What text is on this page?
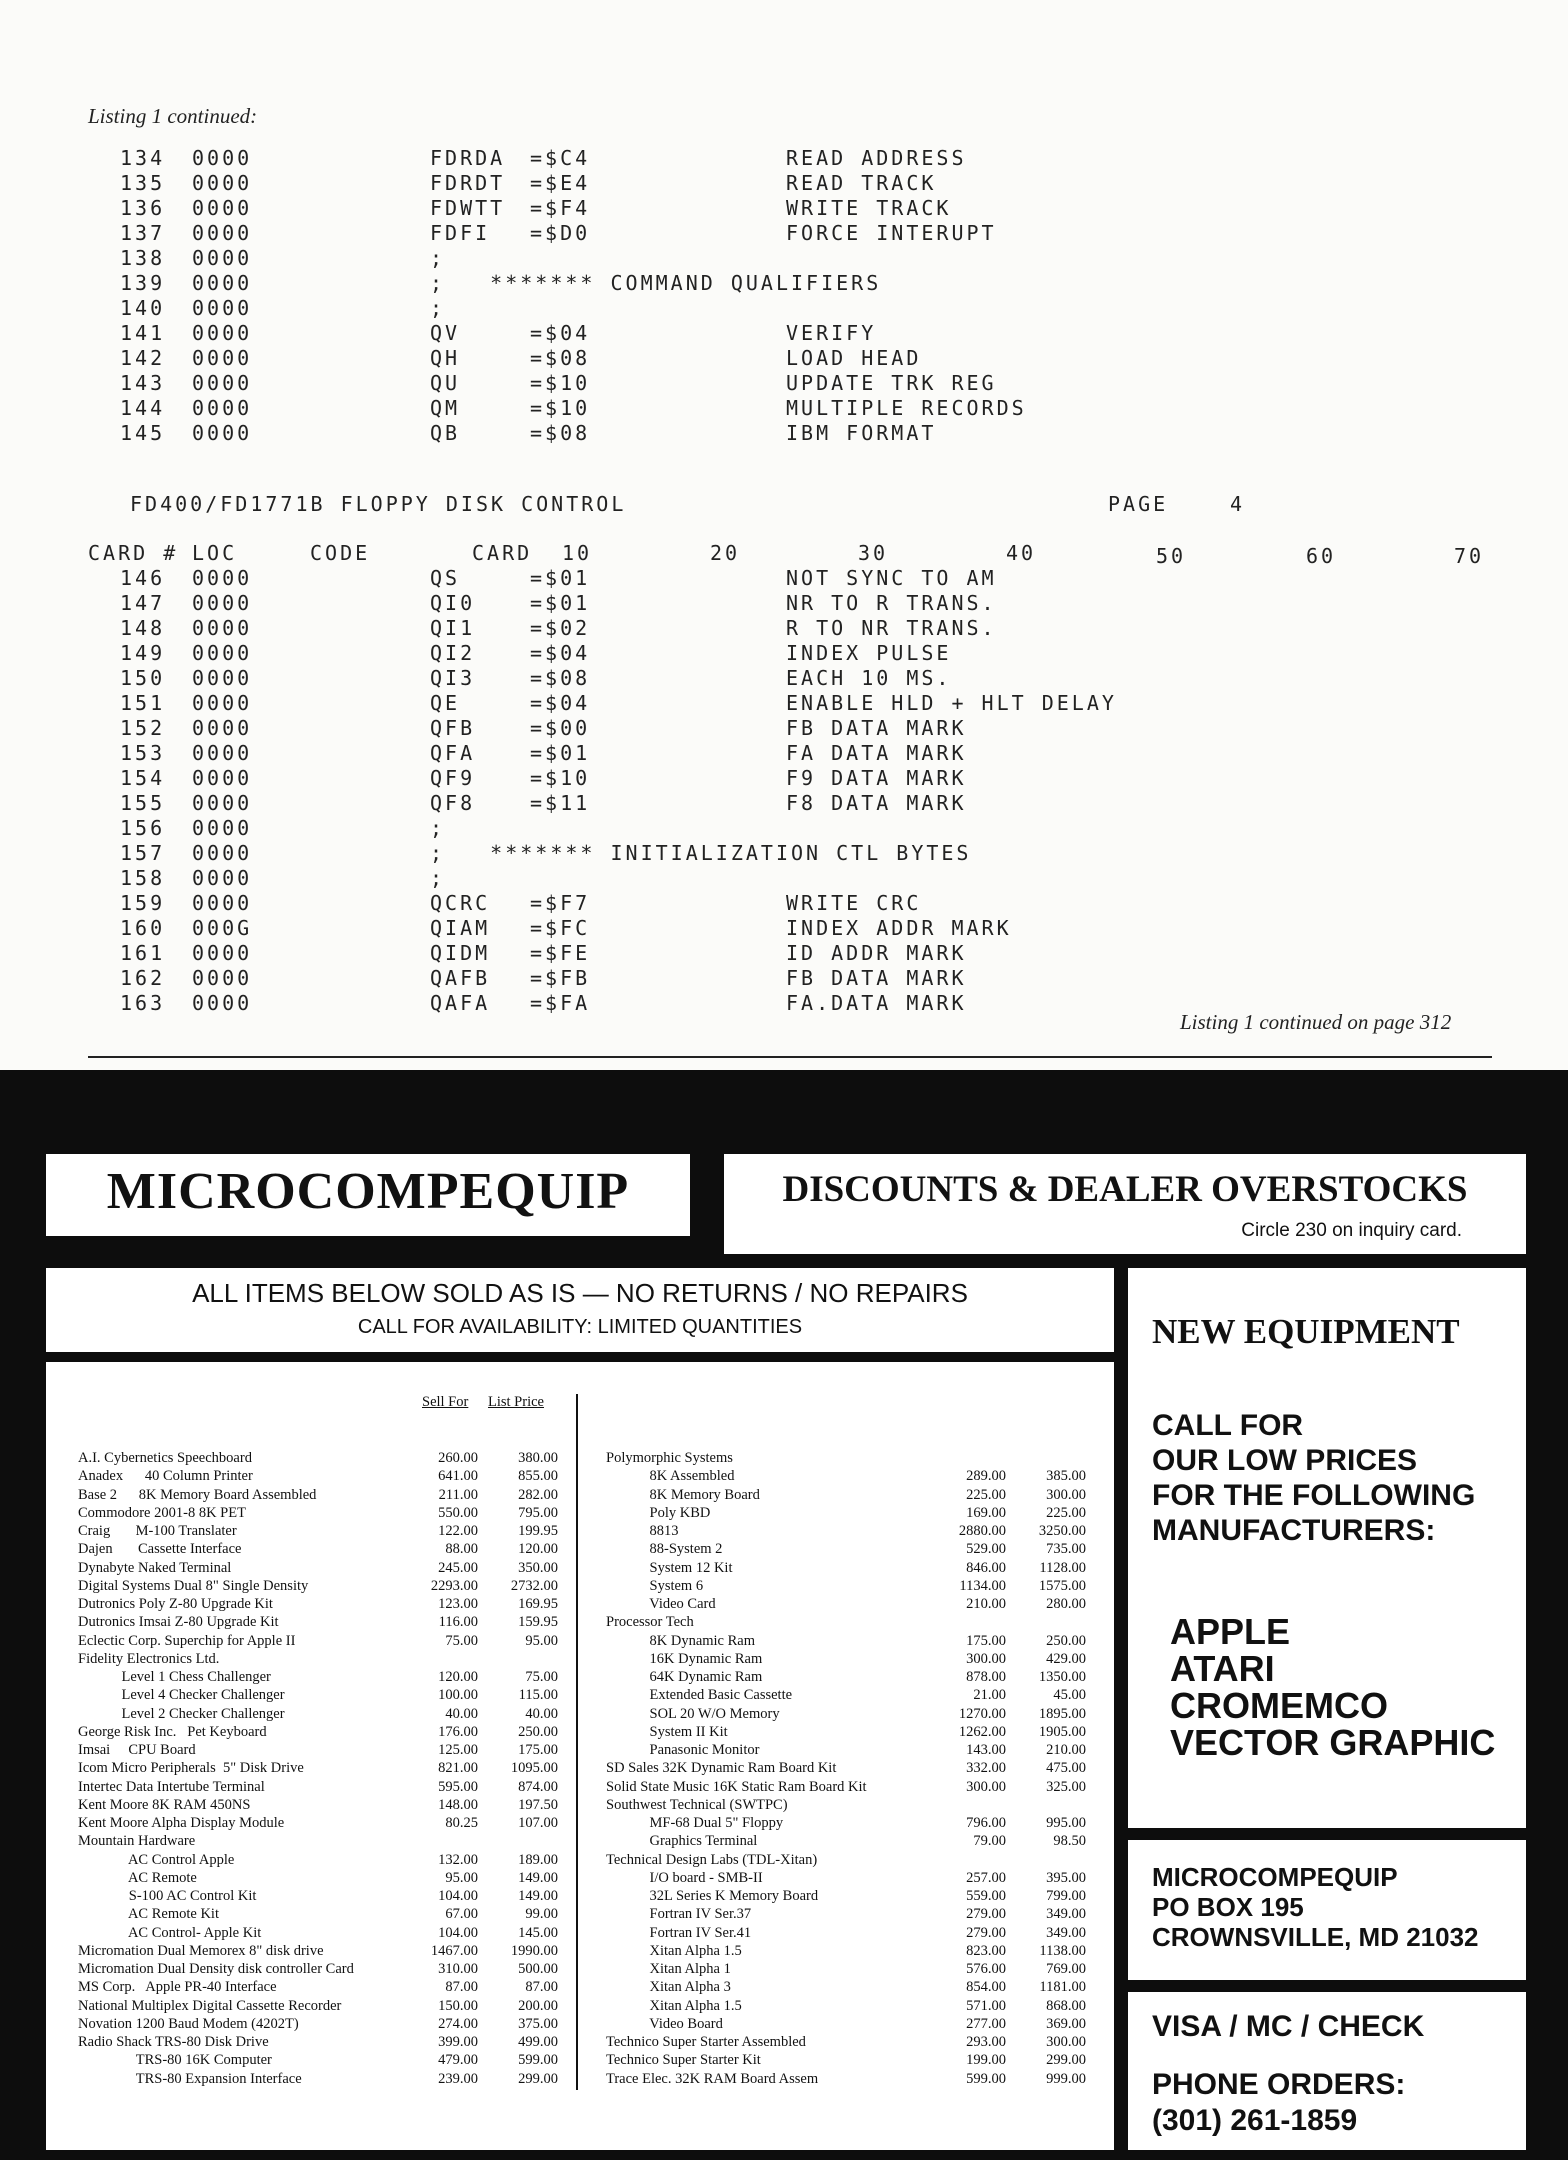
Listing 1 continued:
134 0000	FDRDA =$C4	READ ADDRESS
135 0000	FDRDT =$E4	READ TRACK
136 0000	FDWTT =$F4	WRITE TRACK
137 0000	FDFI =$D0	FORCE INTERUPT
138 0000	;
139 0000	;   ******* COMMAND QUALIFIERS
140 0000	;
141 0000	QV	=$04	VERIFY
142 0000	QH	=$08	LOAD HEAD
143 0000	QU	=$10	UPDATE TRK REG
144 0000	QM	=$10	MULTIPLE RECORDS
145 0000	QB	=$08	IBM FORMAT
FD400/FD1771B FLOPPY DISK CONTROL	PAGE	4
CARD # LOC	CODE	CARD 10	20	30	40	50	60	70
146 0000	QS	=$01	NOT SYNC TO AM
147 0000	QI0	=$01	NR TO R TRANS.
148 0000	QI1	=$02	R TO NR TRANS.
149 0000	QI2	=$04	INDEX PULSE
150 0000	QI3	=$08	EACH 10 MS.
151 0000	QE	=$04	ENABLE HLD + HLT DELAY
152 0000	QFB	=$00	FB DATA MARK
153 0000	QFA	=$01	FA DATA MARK
154 0000	QF9	=$10	F9 DATA MARK
155 0000	QF8	=$11	F8 DATA MARK
156 0000	;
157 0000	;   ******* INITIALIZATION CTL BYTES
158 0000	;
159 0000	QCRC =$F7	WRITE CRC
160 000G	QIAM =$FC	INDEX ADDR MARK
161 0000	QIDM =$FE	ID ADDR MARK
162 0000	QAFB =$FB	FB DATA MARK
163 0000	QAFA =$FA	FA.DATA MARK
Listing 1 continued on page 312
MICROCOMPEQUIP	DISCOUNTS & DEALER OVERSTOCKS
Circle 230 on inquiry card.
ALL ITEMS BELOW SOLD AS IS — NO RETURNS / NO REPAIRS
CALL FOR AVAILABILITY: LIMITED QUANTITIES
Sell For List Price
A.I. Cybernetics Speechboard	260.00	380.00
Anadex      40 Column Printer	641.00	855.00
Base 2      8K Memory Board Assembled	211.00	282.00
Commodore 2001-8 8K PET	550.00	795.00
Craig       M-100 Translater	122.00	199.95
Dajen       Cassette Interface	88.00	120.00
Dynabyte Naked Terminal	245.00	350.00
Digital Systems Dual 8" Single Density	2293.00	2732.00
Dutronics Poly Z-80 Upgrade Kit	123.00	169.95
Dutronics Imsai Z-80 Upgrade Kit	116.00	159.95
Eclectic Corp. Superchip for Apple II	75.00	95.00
Fidelity Electronics Ltd.
Level 1 Chess Challenger	120.00	75.00
Level 4 Checker Challenger	100.00	115.00
Level 2 Checker Challenger	40.00	40.00
George Risk Inc.   Pet Keyboard	176.00	250.00
Imsai     CPU Board	125.00	175.00
Icom Micro Peripherals  5" Disk Drive	821.00	1095.00
Intertec Data Intertube Terminal	595.00	874.00
Kent Moore 8K RAM 450NS	148.00	197.50
Kent Moore Alpha Display Module	80.25	107.00
Mountain Hardware
AC Control Apple	132.00	189.00
AC Remote	95.00	149.00
S-100 AC Control Kit	104.00	149.00
AC Remote Kit	67.00	99.00
AC Control- Apple Kit	104.00	145.00
Micromation Dual Memorex 8" disk drive	1467.00	1990.00
Micromation Dual Density disk controller Card	310.00	500.00
MS Corp.   Apple PR-40 Interface	87.00	87.00
National Multiplex Digital Cassette Recorder	150.00	200.00
Novation 1200 Baud Modem (4202T)	274.00	375.00
Radio Shack TRS-80 Disk Drive	399.00	499.00
TRS-80 16K Computer	479.00	599.00
TRS-80 Expansion Interface	239.00	299.00
Polymorphic Systems
8K Assembled	289.00	385.00
8K Memory Board	225.00	300.00
Poly KBD	169.00	225.00
8813	2880.00	3250.00
88-System 2	529.00	735.00
System 12 Kit	846.00	1128.00
System 6	1134.00	1575.00
Video Card	210.00	280.00
Processor Tech
8K Dynamic Ram	175.00	250.00
16K Dynamic Ram	300.00	429.00
64K Dynamic Ram	878.00	1350.00
Extended Basic Cassette	21.00	45.00
SOL 20 W/O Memory	1270.00	1895.00
System II Kit	1262.00	1905.00
Panasonic Monitor	143.00	210.00
SD Sales 32K Dynamic Ram Board Kit	332.00	475.00
Solid State Music 16K Static Ram Board Kit	300.00	325.00
Southwest Technical (SWTPC)
MF-68 Dual 5" Floppy	796.00	995.00
Graphics Terminal	79.00	98.50
Technical Design Labs (TDL-Xitan)
I/O board - SMB-II	257.00	395.00
32L Series K Memory Board	559.00	799.00
Fortran IV Ser.37	279.00	349.00
Fortran IV Ser.41	279.00	349.00
Xitan Alpha 1.5	823.00	1138.00
Xitan Alpha 1	576.00	769.00
Xitan Alpha 3	854.00	1181.00
Xitan Alpha 1.5	571.00	868.00
Video Board	277.00	369.00
Technico Super Starter Assembled	293.00	300.00
Technico Super Starter Kit	199.00	299.00
Trace Elec. 32K RAM Board Assem	599.00	999.00
NEW EQUIPMENT
CALL FOR
OUR LOW PRICES
FOR THE FOLLOWING
MANUFACTURERS:
APPLE
ATARI
CROMEMCO
VECTOR GRAPHIC
MICROCOMPEQUIP
PO BOX 195
CROWNSVILLE, MD 21032
VISA / MC / CHECK
PHONE ORDERS:
(301) 261-1859
